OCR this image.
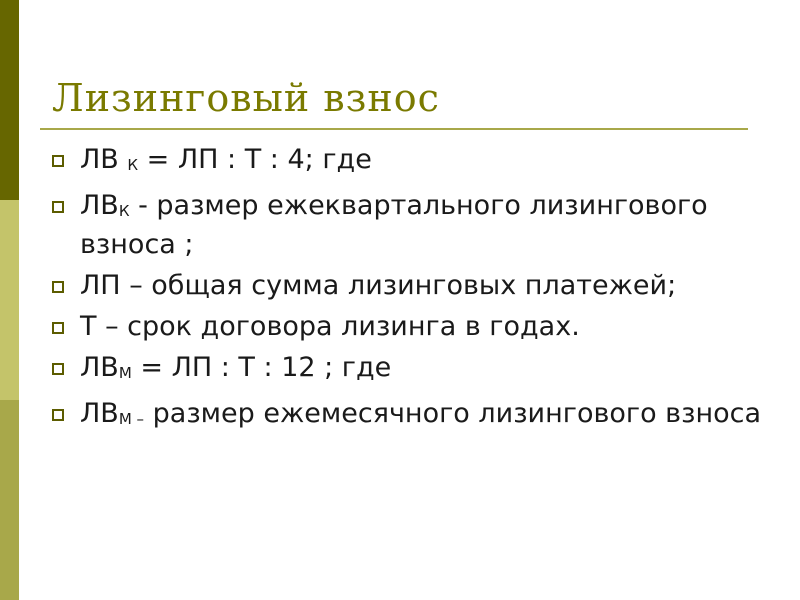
Лизинговый взнос
ЛВ К = ЛП : Т : 4; где
ЛВК - размер ежеквартального лизингового взноса ;
ЛП – общая сумма лизинговых платежей;
Т – срок договора лизинга в годах.
ЛВМ = ЛП : Т : 12 ; где
ЛВМ – размер ежемесячного лизингового взноса
